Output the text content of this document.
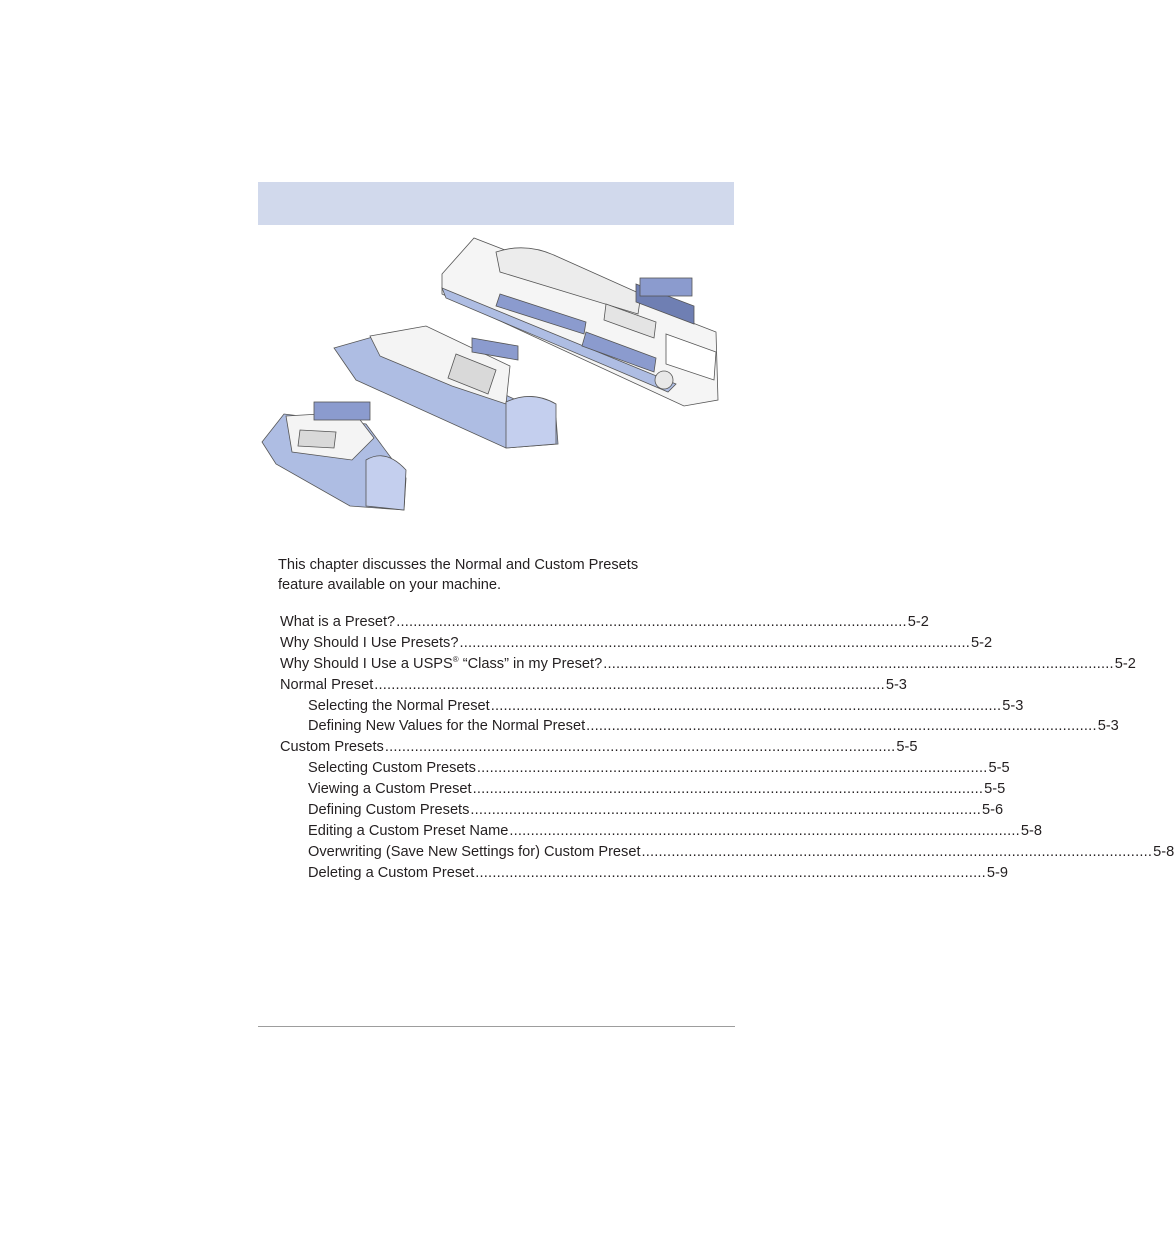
This chapter discusses the Normal and Custom Presets

feature available on your machine.

What is a Preset? ........................................................................................................................ 5-2
Why Should I Use Presets? ........................................................................................................................ 5-2
Why Should I Use a USPS® “Class” in my Preset? ........................................................................................................................ 5-2
Normal Preset ........................................................................................................................ 5-3
Selecting the Normal Preset ........................................................................................................................ 5-3
Defining New Values for the Normal Preset ........................................................................................................................ 5-3
Custom Presets ........................................................................................................................ 5-5
Selecting Custom Presets ........................................................................................................................ 5-5
Viewing a Custom Preset ........................................................................................................................ 5-5
Defining Custom Presets ........................................................................................................................ 5-6
Editing a Custom Preset Name ........................................................................................................................ 5-8
Overwriting (Save New Settings for) Custom Preset ........................................................................................................................ 5-8
Deleting a Custom Preset ........................................................................................................................ 5-9
